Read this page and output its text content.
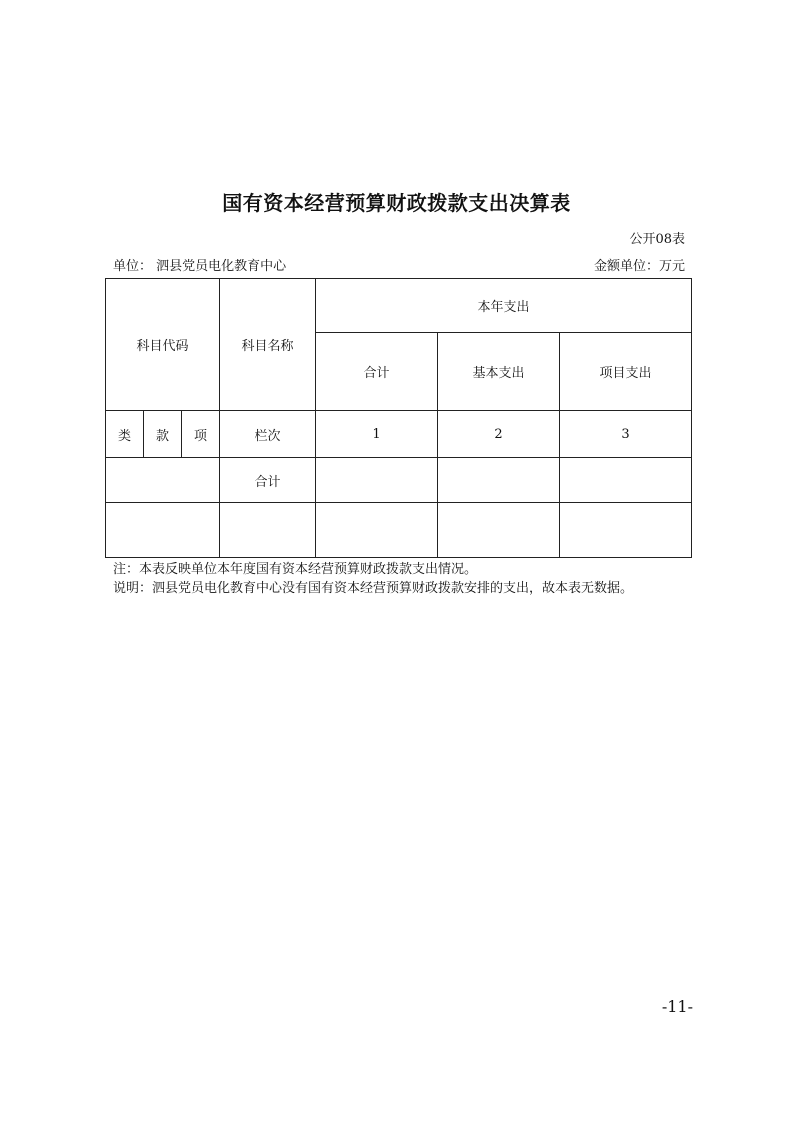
国有资本经营预算财政拨款支出决算表
公开08表
单位： 泗县党员电化教育中心	金额单位：万元
科目代码			科目名称	本年支出		
				合计	基本支出	项目支出
类	款	项	栏次	1	2	3
			合计			

注：本表反映单位本年度国有资本经营预算财政拨款支出情况。
说明：泗县党员电化教育中心没有国有资本经营预算财政拨款安排的支出，故本表无数据。
-11-
